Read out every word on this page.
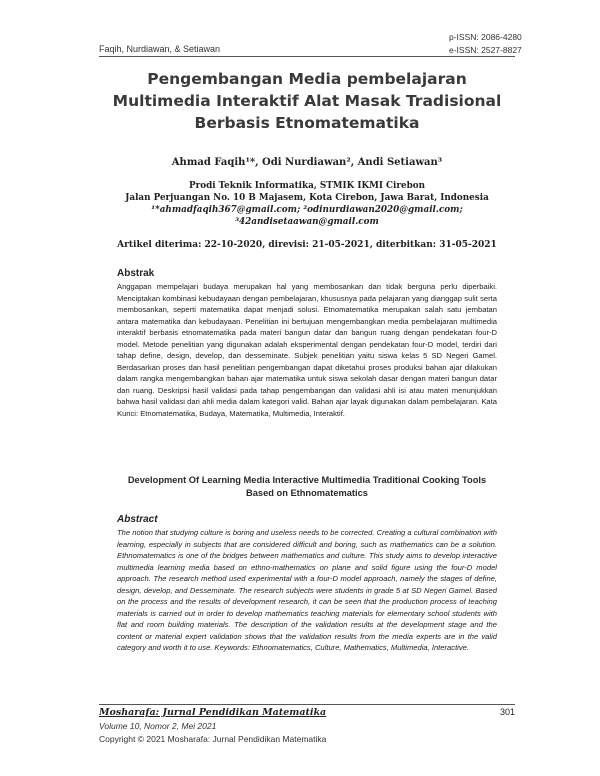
Faqih, Nurdiawan, & Setiawan
p-ISSN: 2086-4280
e-ISSN: 2527-8827
Pengembangan Media pembelajaran Multimedia Interaktif Alat Masak Tradisional Berbasis Etnomatematika
Ahmad Faqih¹*, Odi Nurdiawan², Andi Setiawan³
Prodi Teknik Informatika, STMIK IKMI Cirebon
Jalan Perjuangan No. 10 B Majasem, Kota Cirebon, Jawa Barat, Indonesia
¹*ahmadfaqih367@gmail.com; ²odinurdiawan2020@gmail.com;
³42andisetaawan@gmail.com
Artikel diterima: 22-10-2020, direvisi: 21-05-2021, diterbitkan: 31-05-2021
Abstrak

Anggapan mempelajari budaya merupakan hal yang membosankan dan tidak berguna perlu diperbaiki. Menciptakan kombinasi kebudayaan dengan pembelajaran, khususnya pada pelajaran yang dianggap sulit serta membosankan, seperti matematika dapat menjadi solusi. Etnomatematika merupakan salah satu jembatan antara matematika dan kebudayaan. Penelitian ini bertujuan mengembangkan media pembelajaran multimedia interaktif berbasis etnomatematika pada materi bangun datar dan bangun ruang dengan pendekatan four-D model. Metode penelitian yang digunakan adalah eksperimental dengan pendekatan four-D model, terdiri dari tahap define, design, develop, dan desseminate. Subjek penelitian yaitu siswa kelas 5 SD Negeri Gamel. Berdasarkan proses dan hasil penelitian pengembangan dapat diketahui proses produksi bahan ajar dilakukan dalam rangka mengembangkan bahan ajar matematika untuk siswa sekolah dasar dengan materi bangun datar dan ruang. Deskripsi hasil validasi pada tahap pengembangan dan validasi ahli isi atau materi menunjukkan bahwa hasil validasi dari ahli media dalam kategori valid. Bahan ajar layak digunakan dalam pembelajaran. Kata Kunci: Etnomatematika, Budaya, Matematika, Multimedia, Interaktif.

Development Of Learning Media Interactive Multimedia Traditional Cooking Tools Based on Ethnomatematics
Abstract

The notion that studying culture is boring and useless needs to be corrected. Creating a cultural combination with learning, especially in subjects that are considered difficult and boring, such as mathematics can be a solution. Ethnomatematics is one of the bridges between mathematics and culture. This study aims to develop interactive multimedia learning media based on ethno-mathematics on plane and solid figure using the four-D model approach. The research method used experimental with a four-D model approach, namely the stages of define, design, develop, and Desseminate. The research subjects were students in grade 5 at SD Negeri Gamel. Based on the process and the results of development research, it can be seen that the production process of teaching materials is carried out in order to develop mathematics teaching materials for elementary school students with flat and room building materials. The description of the validation results at the development stage and the content or material expert validation shows that the validation results from the media experts are in the valid category and worth it to use. Keywords: Ethnomatematics, Culture, Mathematics, Multimedia, Interactive.

Mosharafa: Jurnal Pendidikan Matematika	301
Volume 10, Nomor 2, Mei 2021
Copyright © 2021 Mosharafa: Jurnal Pendidikan Matematika
